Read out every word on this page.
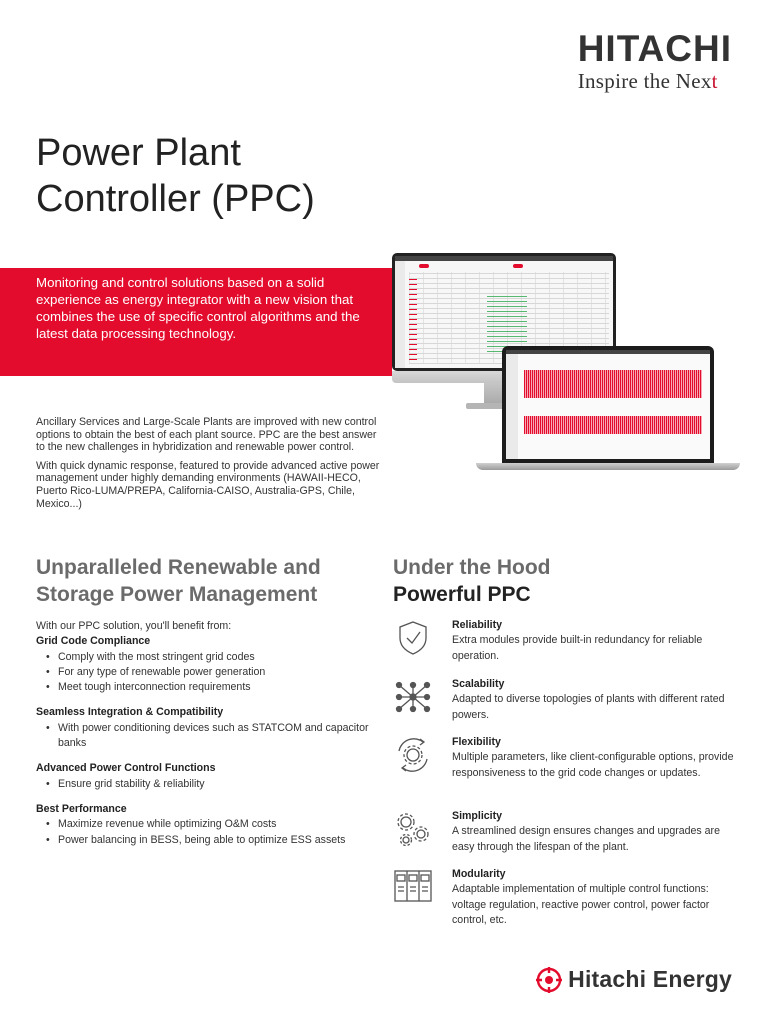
HITACHI
Inspire the Next
Power Plant
Controller (PPC)

Monitoring and control solutions based on a solid experience as energy integrator with a new vision that combines the use of specific control algorithms and the latest data processing technology.

Ancillary Services and Large-Scale Plants are improved with new control options to obtain the best of each plant source. PPC are the best answer to the new challenges in hybridization and renewable power control.

With quick dynamic response, featured to provide advanced active power management under highly demanding environments (HAWAII-HECO, Puerto Rico-LUMA/PREPA, California-CAISO, Australia-GPS, Chile, Mexico...)

Unparalleled Renewable and
Storage Power Management
Under the Hood
Powerful PPC
With our PPC solution, you'll benefit from:
Grid Code Compliance
• Comply with the most stringent grid codes
• For any type of renewable power generation
• Meet tough interconnection requirements
Seamless Integration & Compatibility
• With power conditioning devices such as STATCOM and capacitor banks
Advanced Power Control Functions
• Ensure grid stability & reliability
Best Performance
• Maximize revenue while optimizing O&M costs
• Power balancing in BESS, being able to optimize ESS assets
Reliability
Extra modules provide built-in redundancy for reliable operation.
Scalability
Adapted to diverse topologies of plants with different rated powers.
Flexibility
Multiple parameters, like client-configurable options, provide responsiveness to the grid code changes or updates.
Simplicity
A streamlined design ensures changes and upgrades are easy through the lifespan of the plant.
Modularity
Adaptable implementation of multiple control functions: voltage regulation, reactive power control, power factor control, etc.
Hitachi Energy
